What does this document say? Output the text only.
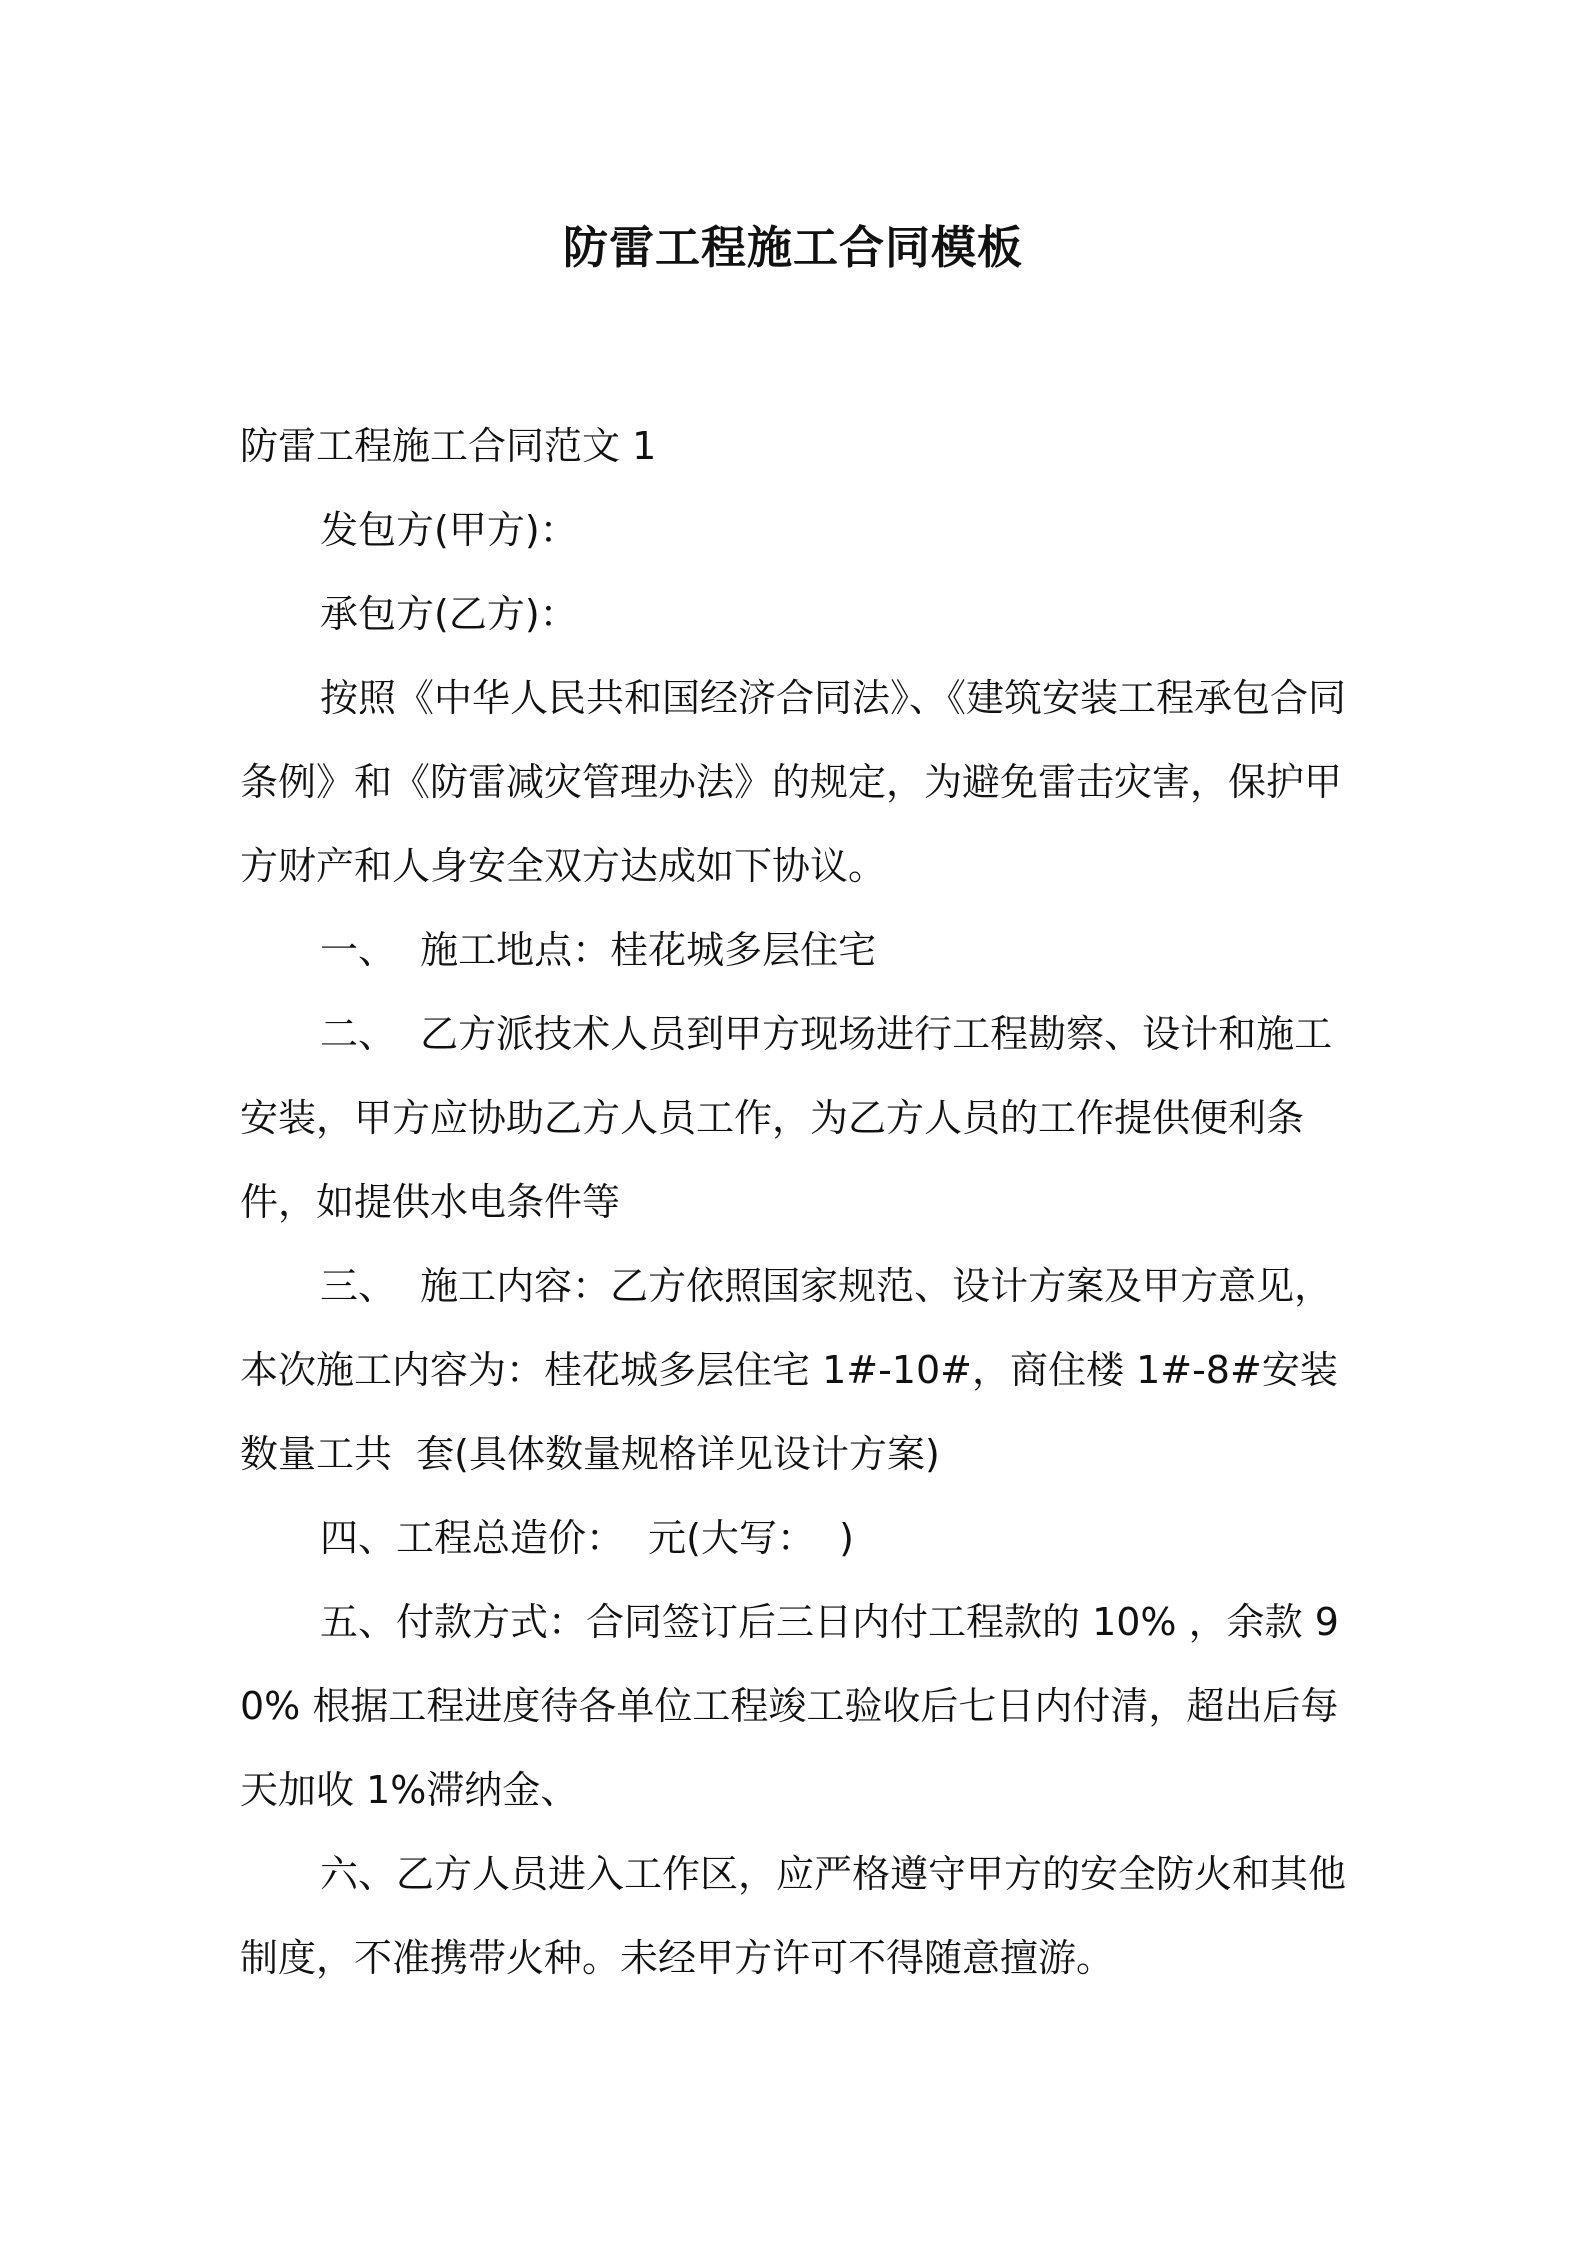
防雷工程施工合同模板

防雷工程施工合同范文 1

发包方(甲方)：

承包方(乙方)：

按照《中华人民共和国经济合同法》、《建筑安装工程承包合同条例》和《防雷减灾管理办法》的规定，为避免雷击灾害，保护甲方财产和人身安全双方达成如下协议。

一、  施工地点：桂花城多层住宅

二、  乙方派技术人员到甲方现场进行工程勘察、设计和施工安装，甲方应协助乙方人员工作，为乙方人员的工作提供便利条件，如提供水电条件等

三、  施工内容：乙方依照国家规范、设计方案及甲方意见，本次施工内容为：桂花城多层住宅 1#-10#，商住楼 1#-8#安装数量工共  套(具体数量规格详见设计方案)

四、工程总造价：  元(大写：  )

五、付款方式：合同签订后三日内付工程款的 10% ，余款 90% 根据工程进度待各单位工程竣工验收后七日内付清，超出后每天加收 1%滞纳金、

六、乙方人员进入工作区，应严格遵守甲方的安全防火和其他制度，不准携带火种。未经甲方许可不得随意擅游。
